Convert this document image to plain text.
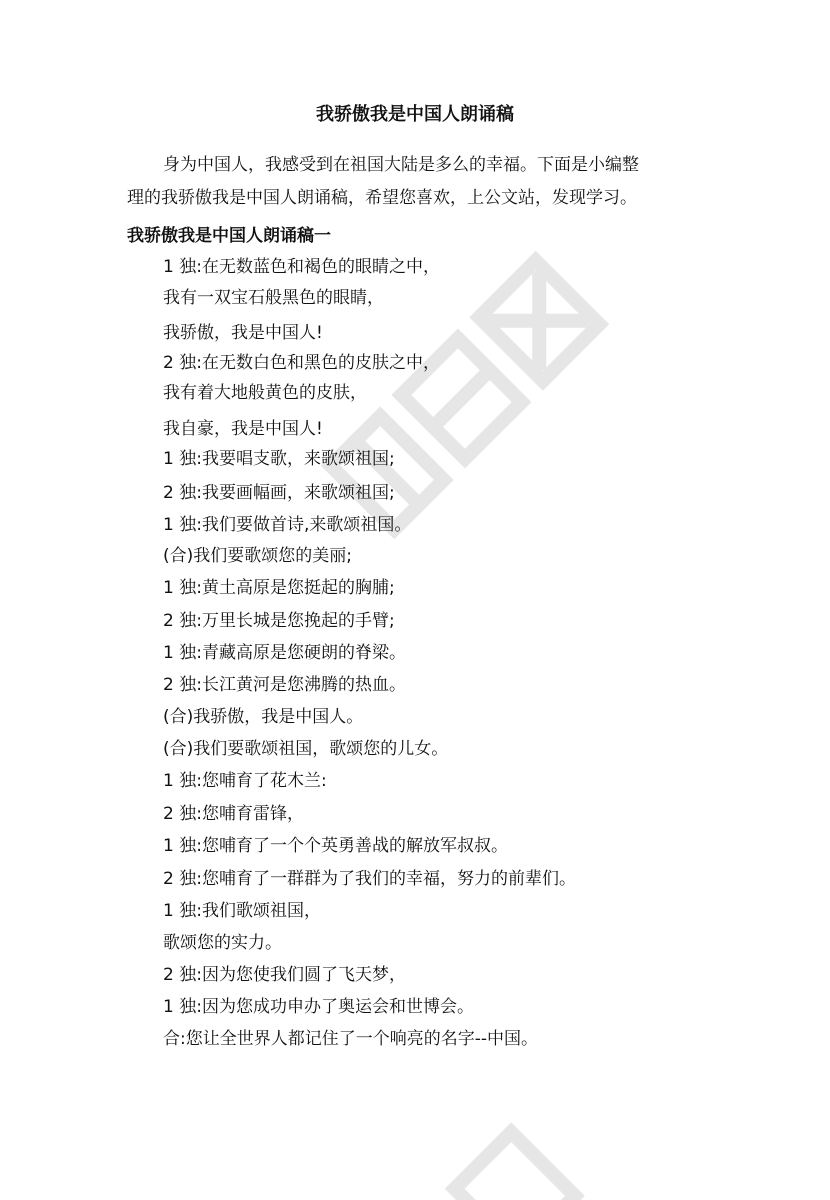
我骄傲我是中国人朗诵稿
身为中国人，我感受到在祖国大陆是多么的幸福。下面是小编整
理的我骄傲我是中国人朗诵稿，希望您喜欢，上公文站，发现学习。
我骄傲我是中国人朗诵稿一
1 独:在无数蓝色和褐色的眼睛之中，
我有一双宝石般黑色的眼睛，
我骄傲，我是中国人!
2 独:在无数白色和黑色的皮肤之中，
我有着大地般黄色的皮肤，
我自豪，我是中国人!
1 独:我要唱支歌，来歌颂祖国;
2 独:我要画幅画，来歌颂祖国;
1 独:我们要做首诗,来歌颂祖国。
(合)我们要歌颂您的美丽;
1 独:黄土高原是您挺起的胸脯;
2 独:万里长城是您挽起的手臂;
1 独:青藏高原是您硬朗的脊梁。
2 独:长江黄河是您沸腾的热血。
(合)我骄傲，我是中国人。
(合)我们要歌颂祖国，歌颂您的儿女。
1 独:您哺育了花木兰:
2 独:您哺育雷锋，
1 独:您哺育了一个个英勇善战的解放军叔叔。
2 独:您哺育了一群群为了我们的幸福，努力的前辈们。
1 独:我们歌颂祖国，
歌颂您的实力。
2 独:因为您使我们圆了飞天梦，
1 独:因为您成功申办了奥运会和世博会。
合:您让全世界人都记住了一个响亮的名字--中国。
